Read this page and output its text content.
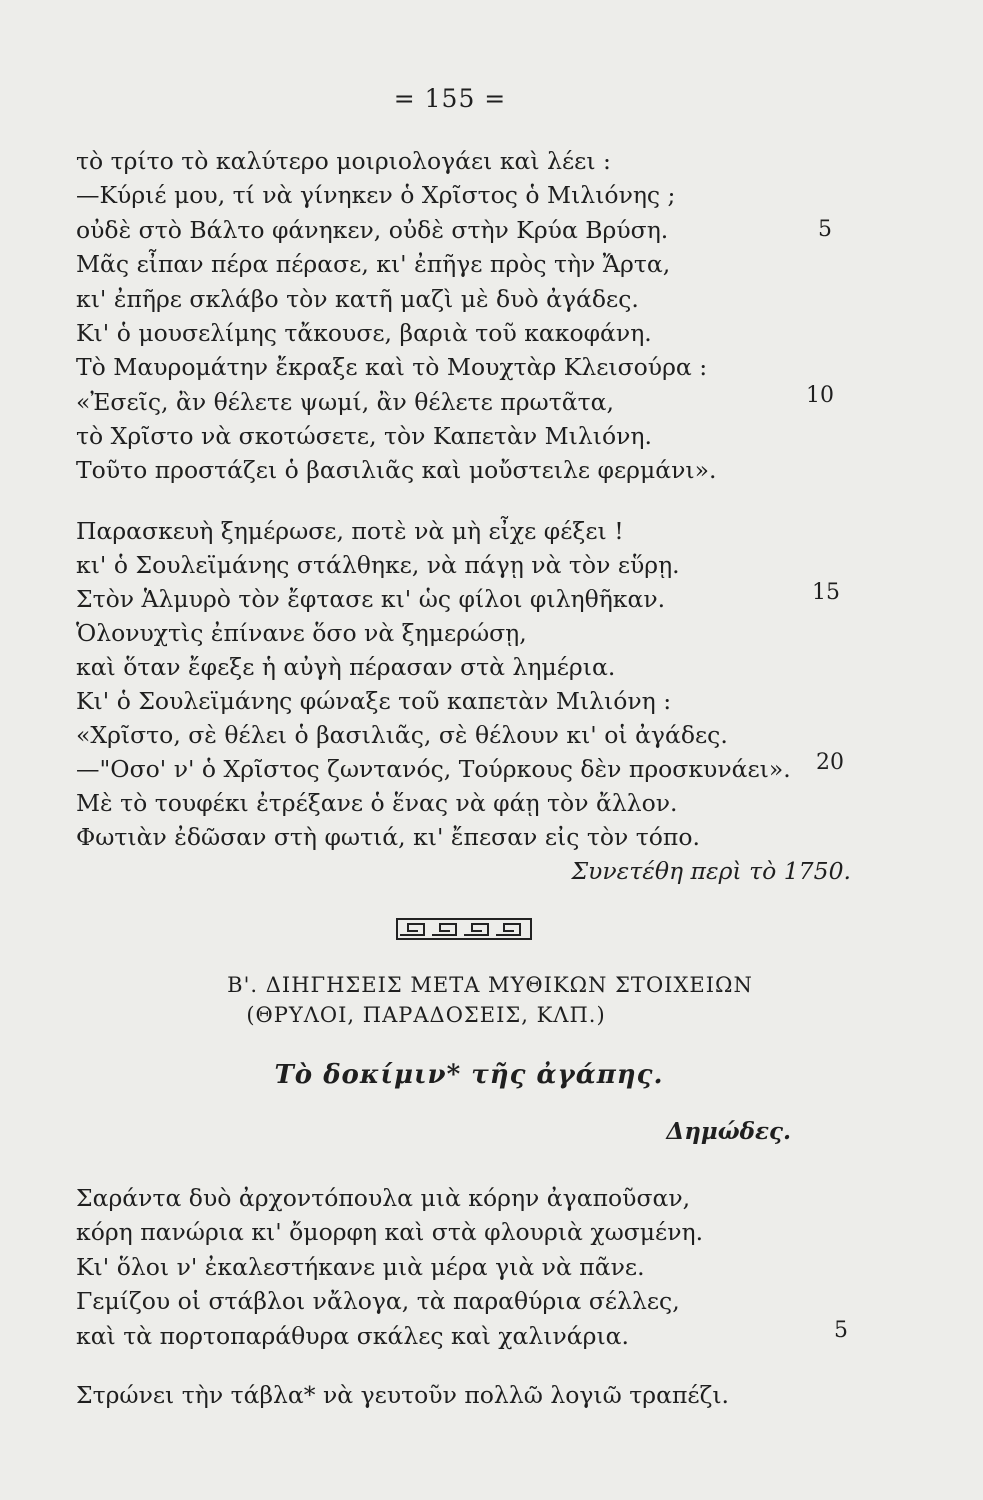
= 155 =
τὸ τρίτο τὸ καλύτερο μοιριολογάει καὶ λέει :
—Κύριέ μου, τί νὰ γίνηκεν ὁ Χρῖστος ὁ Μιλιόνης ;
οὐδὲ στὸ Βάλτο φάνηκεν, οὐδὲ στὴν Κρύα Βρύση.
Μᾶς εἶπαν πέρα πέρασε, κι' ἐπῆγε πρὸς τὴν Ἄρτα,
κι' ἐπῆρε σκλάβο τὸν κατῆ μαζὶ μὲ δυὸ ἀγάδες.
Κι' ὁ μουσελίμης τἄκουσε, βαριὰ τοῦ κακοφάνη.
Τὸ Μαυρομάτην ἔκραξε καὶ τὸ Μουχτὰρ Κλεισούρα :
«Ἐσεῖς, ἂν θέλετε ψωμί, ἂν θέλετε πρωτᾶτα,
τὸ Χρῖστο νὰ σκοτώσετε, τὸν Καπετὰν Μιλιόνη.
Τοῦτο προστάζει ὁ βασιλιᾶς καὶ μοὔστειλε φερμάνι».
Παρασκευὴ ξημέρωσε, ποτὲ νὰ μὴ εἶχε φέξει !
κι' ὁ Σουλεϊμάνης στάλθηκε, νὰ πάγῃ νὰ τὸν εὕρῃ.
Στὸν Ἁλμυρὸ τὸν ἔφτασε κι' ὡς φίλοι φιληθῆκαν.
Ὁλονυχτὶς ἐπίνανε ὅσο νὰ ξημερώσῃ,
καὶ ὅταν ἔφεξε ἡ αὐγὴ πέρασαν στὰ λημέρια.
Κι' ὁ Σουλεϊμάνης φώναξε τοῦ καπετὰν Μιλιόνη :
«Χρῖστο, σὲ θέλει ὁ βασιλιᾶς, σὲ θέλουν κι' οἱ ἀγάδες.
—"Οσο' ν' ὁ Χρῖστος ζωντανός, Τούρκους δὲν προσκυνάει».
Μὲ τὸ τουφέκι ἐτρέξανε ὁ ἕνας νὰ φάῃ τὸν ἄλλον.
Φωτιὰν ἐδῶσαν στὴ φωτιά, κι' ἔπεσαν εἰς τὸν τόπο.
Συνετέθη περὶ τὸ 1750.
5
10
15
20
5
Β'. ΔΙΗΓΗΣΕΙΣ ΜΕΤΑ ΜΥΘΙΚΩΝ ΣΤΟΙΧΕΙΩΝ
(ΘΡΥΛΟΙ, ΠΑΡΑΔΟΣΕΙΣ, ΚΛΠ.)
Τὸ δοκίμιν* τῆς ἀγάπης.
Δημώδες.
Σαράντα δυὸ ἀρχοντόπουλα μιὰ κόρην ἀγαποῦσαν,
κόρη πανώρια κι' ὄμορφη καὶ στὰ φλουριὰ χωσμένη.
Κι' ὅλοι ν' ἐκαλεστήκανε μιὰ μέρα γιὰ νὰ πᾶνε.
Γεμίζου οἱ στάβλοι νἄλογα, τὰ παραθύρια σέλλες,
καὶ τὰ πορτοπαράθυρα σκάλες καὶ χαλινάρια.
Στρώνει τὴν τάβλα* νὰ γευτοῦν πολλῶ λογιῶ τραπέζι.
